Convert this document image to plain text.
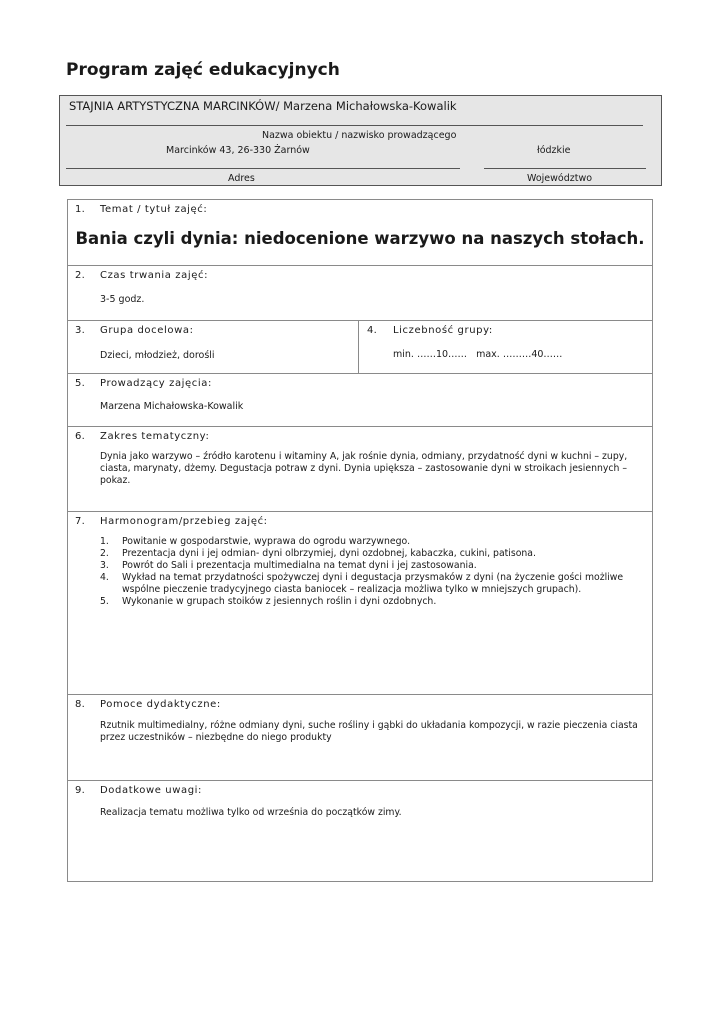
Program zajęć edukacyjnych
STAJNIA ARTYSTYCZNA MARCINKÓW/ Marzena Michałowska-Kowalik
Nazwa obiektu / nazwisko prowadzącego
Marcinków 43, 26-330 Żarnów	łódzkie
Adres	Województwo
1. Temat / tytuł zajęć:
Bania czyli dynia: niedocenione warzywo na naszych stołach.
2. Czas trwania zajęć:
3-5 godz.
3. Grupa docelowa:
Dzieci, młodzież, dorośli
4. Liczebność grupy:
min. ……10……   max. ………40……
5. Prowadzący zajęcia:
Marzena Michałowska-Kowalik
6. Zakres tematyczny:
Dynia jako warzywo – źródło karotenu i witaminy A, jak rośnie dynia, odmiany, przydatność dyni w kuchni – zupy, ciasta, marynaty, dżemy. Degustacja potraw z dyni. Dynia upiększa – zastosowanie dyni w stroikach jesiennych – pokaz.
7. Harmonogram/przebieg zajęć:
8. Pomoce dydaktyczne:
Rzutnik multimedialny, różne odmiany dyni, suche rośliny i gąbki do układania kompozycji, w razie pieczenia ciasta przez uczestników – niezbędne do niego produkty
9. Dodatkowe uwagi:
Realizacja tematu możliwa tylko od września do początków zimy.
1. Powitanie w gospodarstwie, wyprawa do ogrodu warzywnego.
2. Prezentacja dyni i jej odmian- dyni olbrzymiej, dyni ozdobnej, kabaczka, cukini, patisona.
3. Powrót do Sali i prezentacja multimedialna na temat dyni i jej zastosowania.
4. Wykład na temat przydatności spożywczej dyni i degustacja przysmaków z dyni (na życzenie gości możliwe wspólne pieczenie tradycyjnego ciasta baniocek – realizacja możliwa tylko w mniejszych grupach).
5. Wykonanie w grupach stoików z jesiennych roślin i dyni ozdobnych.
